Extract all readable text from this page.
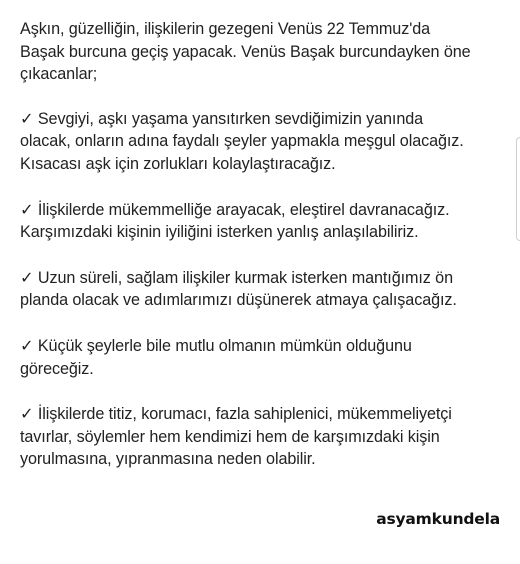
Aşkın, güzelliğin, ilişkilerin gezegeni Venüs 22 Temmuz'da
Başak burcuna geçiş yapacak. Venüs Başak burcundayken öne
çıkacanlar;

✓ Sevgiyi, aşkı yaşama yansıtırken sevdiğimizin yanında
olacak, onların adına faydalı şeyler yapmakla meşgul olacağız.
Kısacası aşk için zorlukları kolaylaştıracağız.

✓ İlişkilerde mükemmelliğe arayacak, eleştirel davranacağız.
Karşımızdaki kişinin iyiliğini isterken yanlış anlaşılabiliriz.

✓ Uzun süreli, sağlam ilişkiler kurmak isterken mantığımız ön
planda olacak ve adımlarımızı düşünerek atmaya çalışacağız.

✓ Küçük şeylerle bile mutlu olmanın mümkün olduğunu
göreceğiz.

✓ İlişkilerde titiz, korumacı, fazla sahiplenici, mükemmeliyetçi
tavırlar, söylemler hem kendimizi hem de karşımızdaki kişin
yorulmasına, yıpranmasına neden olabilir.

asyamkundela
